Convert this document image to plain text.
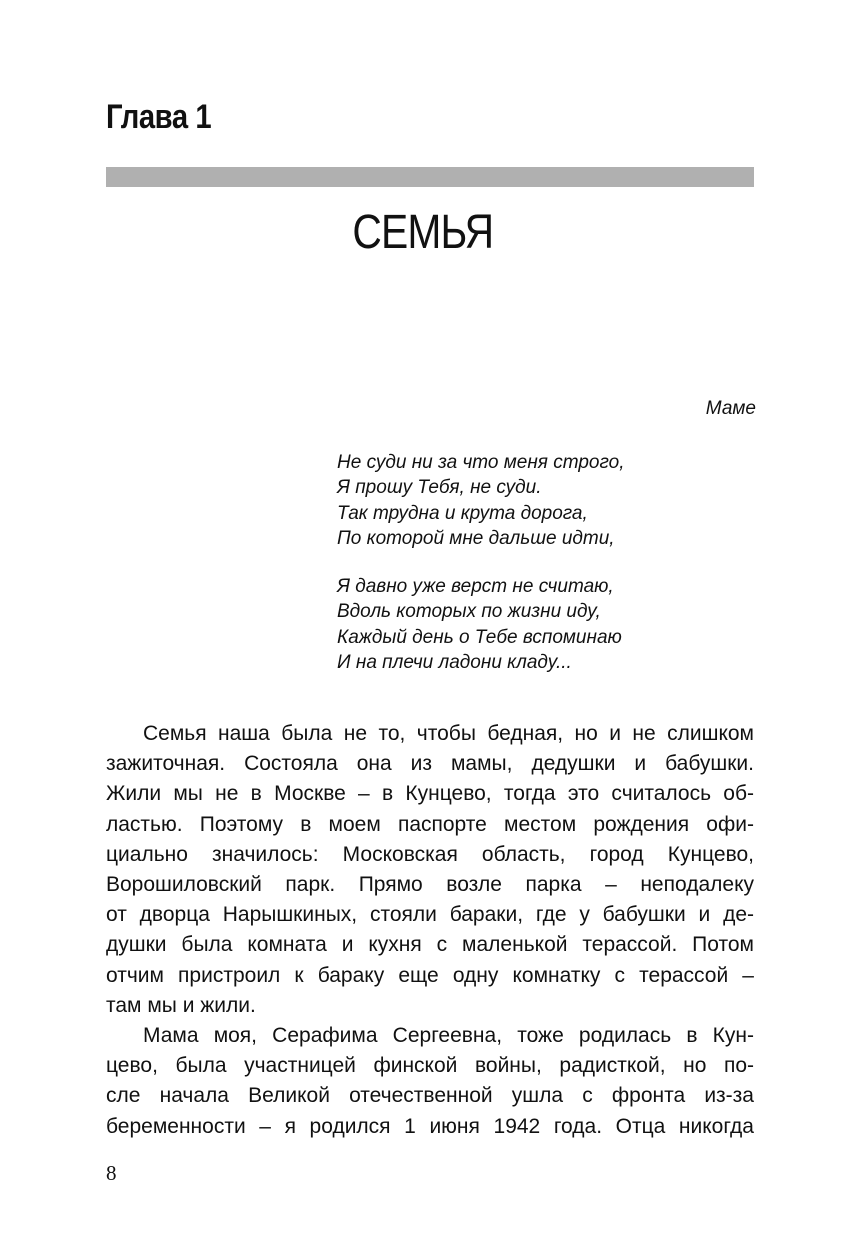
Глава 1
СЕМЬЯ

Маме

Не суди ни за что меня строго,
Я прошу Тебя, не суди.
Так трудна и крута дорога,
По которой мне дальше идти,
Я давно уже верст не считаю,
Вдоль которых по жизни иду,
Каждый день о Тебе вспоминаю
И на плечи ладони кладу...
Семья наша была не то, чтобы бедная, но и не слишком
зажиточная. Состояла она из мамы, дедушки и бабушки.
Жили мы не в Москве – в Кунцево, тогда это считалось об-
ластью. Поэтому в моем паспорте местом рождения офи-
циально значилось: Московская область, город Кунцево,
Ворошиловский парк. Прямо возле парка – неподалеку
от дворца Нарышкиных, стояли бараки, где у бабушки и де-
душки была комната и кухня с маленькой терассой. Потом
отчим пристроил к бараку еще одну комнатку с терассой –
там мы и жили.
Мама моя, Серафима Сергеевна, тоже родилась в Кун-
цево, была участницей финской войны, радисткой, но по-
сле начала Великой отечественной ушла с фронта из-за
беременности – я родился 1 июня 1942 года. Отца никогда

8
